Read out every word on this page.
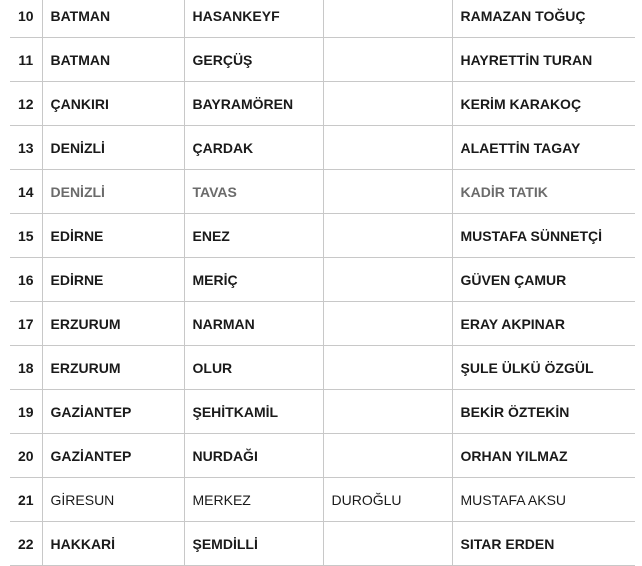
10	BATMAN	HASANKEYF		RAMAZAN TOĞUÇ
11	BATMAN	GERÇÜŞ		HAYRETTİN TURAN
12	ÇANKIRI	BAYRAMÖREN		KERİM KARAKOÇ
13	DENİZLİ	ÇARDAK		ALAETTİN TAGAY
14	DENİZLİ	TAVAS		KADİR TATIK
15	EDİRNE	ENEZ		MUSTAFA SÜNNETÇİ
16	EDİRNE	MERİÇ		GÜVEN ÇAMUR
17	ERZURUM	NARMAN		ERAY AKPINAR
18	ERZURUM	OLUR		ŞULE ÜLKÜ ÖZGÜL
19	GAZİANTEP	ŞEHİTKAMİL		BEKİR ÖZTEKİN
20	GAZİANTEP	NURDAĞI		ORHAN YILMAZ
21	GİRESUN	MERKEZ	DUROĞLU	MUSTAFA AKSU
22	HAKKARİ	ŞEMDİLLİ		SITAR ERDEN
